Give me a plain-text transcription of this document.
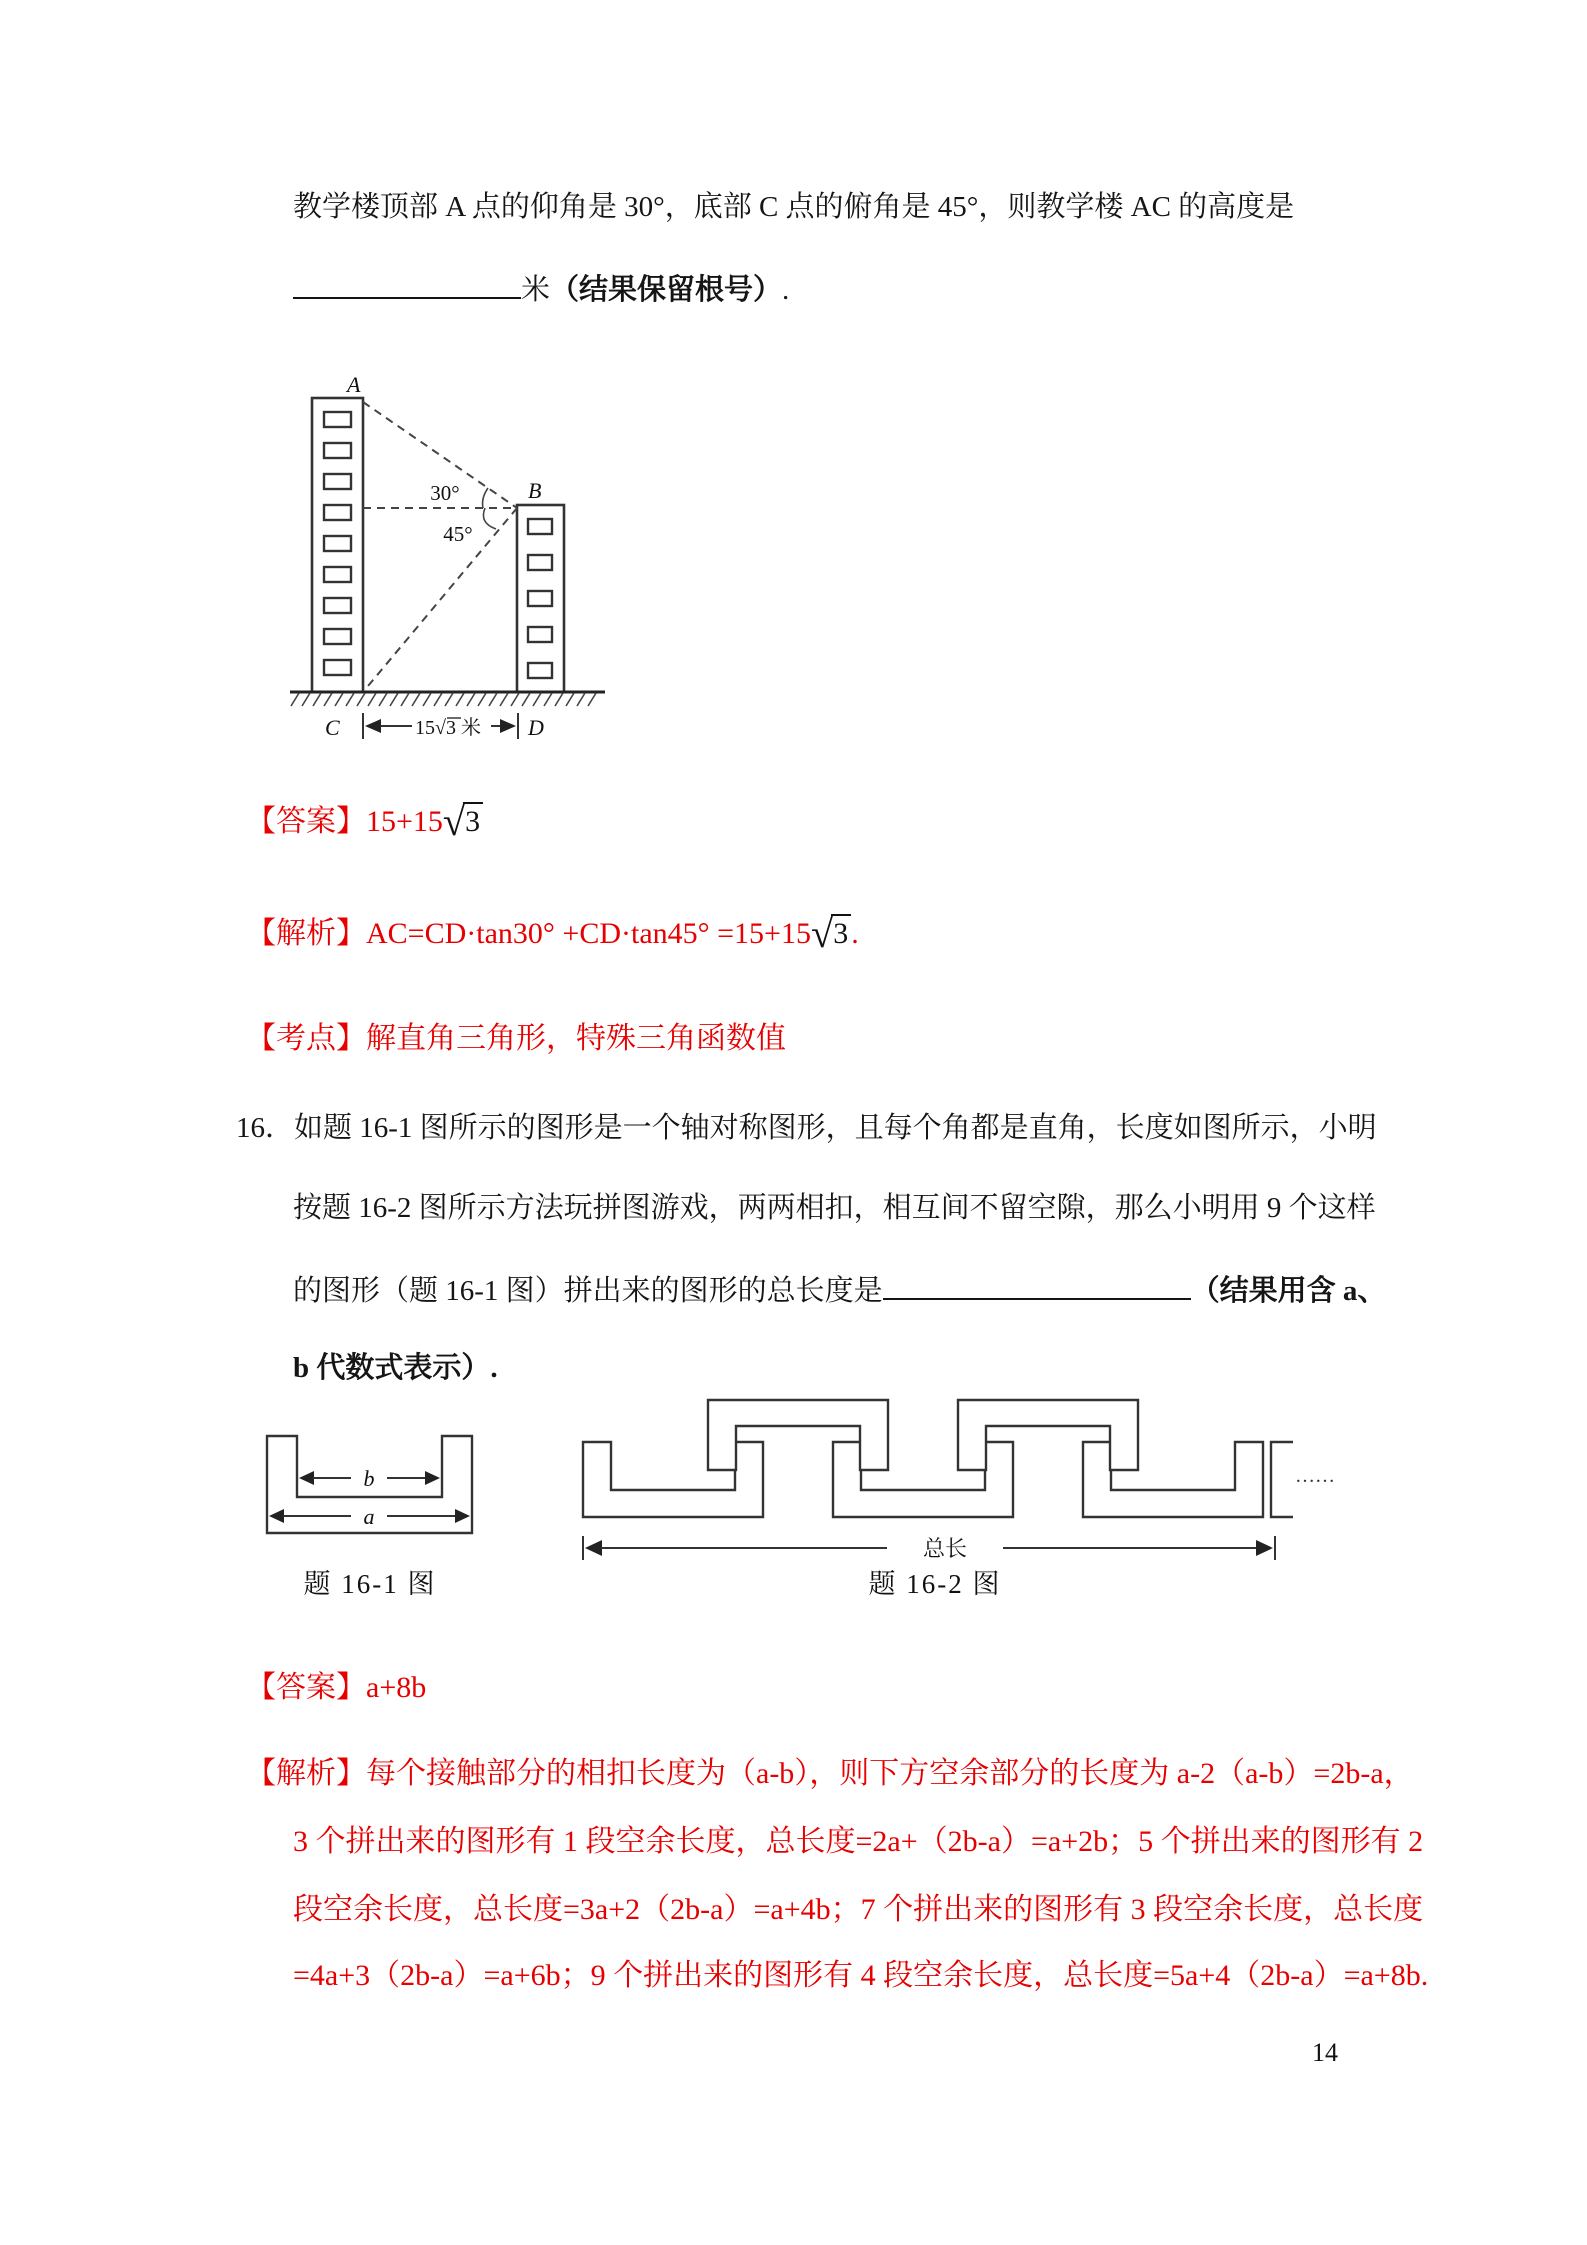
教学楼顶部 A 点的仰角是 30°，底部 C 点的俯角是 45°，则教学楼 AC 的高度是
米（结果保留根号）.
A
B
30°
45°
C	15√3 米 D
【答案】15+15√3
【解析】AC=CD·tan30° +CD·tan45° =15+15√3 .
【考点】解直角三角形，特殊三角函数值
16．如题 16-1 图所示的图形是一个轴对称图形，且每个角都是直角，长度如图所示，小明
按题 16-2 图所示方法玩拼图游戏，两两相扣，相互间不留空隙，那么小明用 9 个这样
的图形（题 16-1 图）拼出来的图形的总长度是	（结果用含 a、
b 代数式表示）.
b
a
题 16-1 图
……
总长
题 16-2 图
【答案】a+8b
【解析】每个接触部分的相扣长度为（a-b），则下方空余部分的长度为 a-2（a-b）=2b-a，
3 个拼出来的图形有 1 段空余长度，总长度=2a+（2b-a）=a+2b；5 个拼出来的图形有 2
段空余长度，总长度=3a+2（2b-a）=a+4b；7 个拼出来的图形有 3 段空余长度，总长度
=4a+3（2b-a）=a+6b；9 个拼出来的图形有 4 段空余长度，总长度=5a+4（2b-a）=a+8b.
14
